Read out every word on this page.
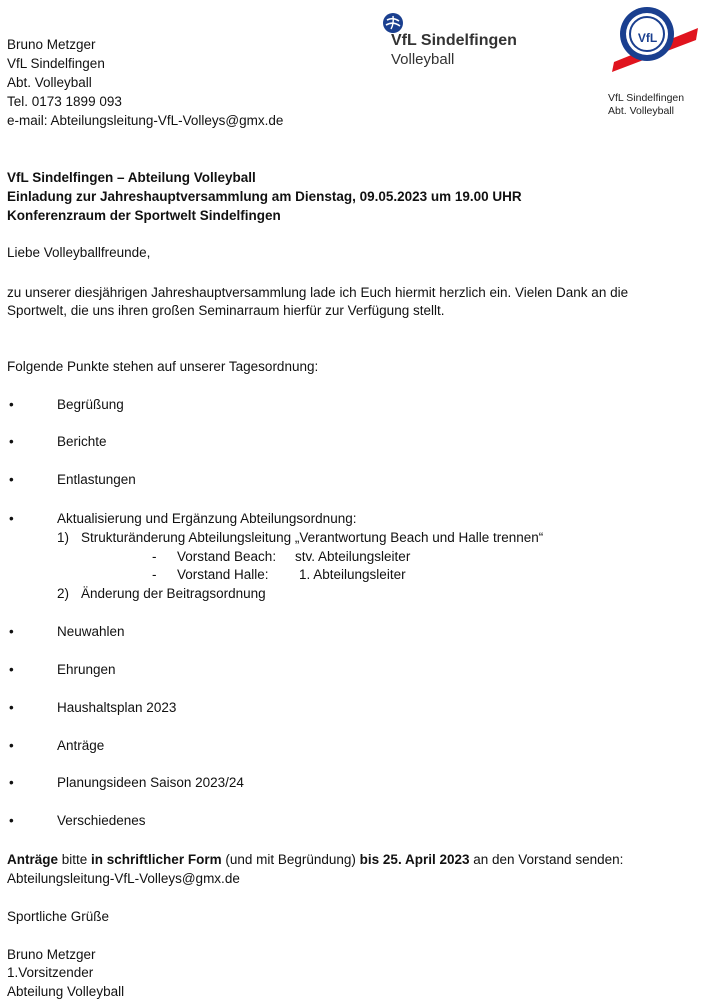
Bruno Metzger
VfL Sindelfingen
Abt. Volleyball
Tel. 0173 1899 093
e-mail: Abteilungsleitung-VfL-Volleys@gmx.de
VfL Sindelfingen
Volleyball
VfL
VfL Sindelfingen
Abt. Volleyball
VfL Sindelfingen – Abteilung Volleyball
Einladung zur Jahreshauptversammlung am Dienstag, 09.05.2023 um 19.00 UHR
Konferenzraum der Sportwelt Sindelfingen
Liebe Volleyballfreunde,
zu unserer diesjährigen Jahreshauptversammlung lade ich Euch hiermit herzlich ein. Vielen Dank an die
Sportwelt, die uns ihren großen Seminarraum hierfür zur Verfügung stellt.
Folgende Punkte stehen auf unserer Tagesordnung:
•	Begrüßung
•	Berichte
•	Entlastungen
•	Aktualisierung und Ergänzung Abteilungsordnung:
1) Strukturänderung Abteilungsleitung „Verantwortung Beach und Halle trennen“
- Vorstand Beach: stv. Abteilungsleiter
- Vorstand Halle: 1. Abteilungsleiter
2) Änderung der Beitragsordnung
•	Neuwahlen
•	Ehrungen
•	Haushaltsplan 2023
•	Anträge
•	Planungsideen Saison 2023/24
•	Verschiedenes
Anträge bitte in schriftlicher Form (und mit Begründung) bis 25. April 2023 an den Vorstand senden:
Abteilungsleitung-VfL-Volleys@gmx.de
Sportliche Grüße
Bruno Metzger
1.Vorsitzender
Abteilung Volleyball
